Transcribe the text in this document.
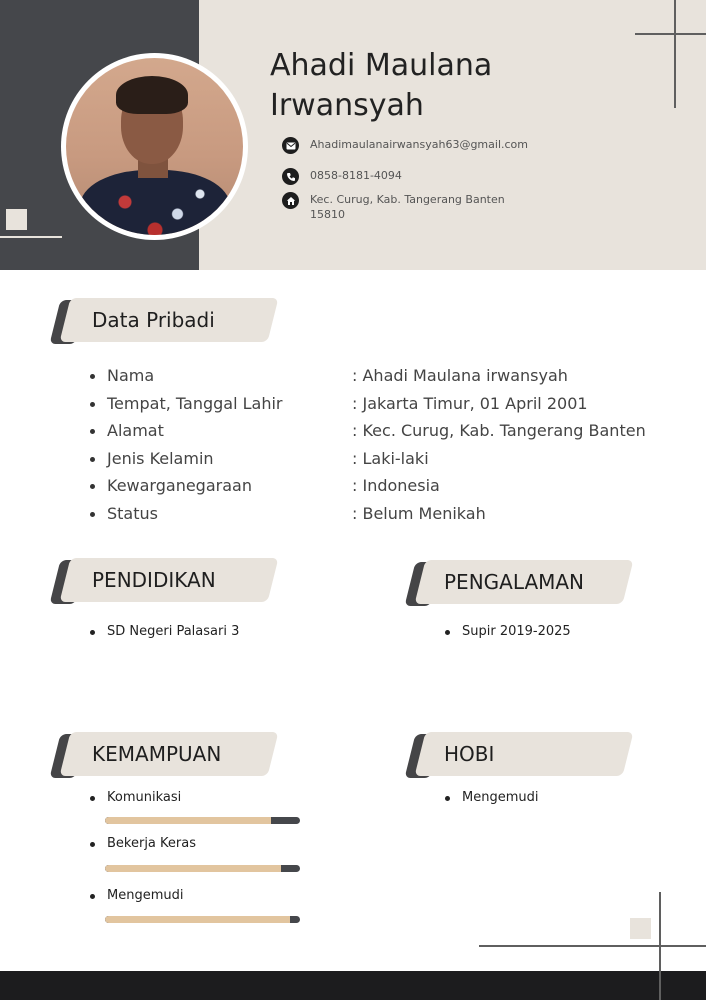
Ahadi Maulana
Irwansyah
Ahadimaulanairwansyah63@gmail.com
0858-8181-4094
Kec. Curug, Kab. Tangerang Banten 15810
Data Pribadi
Nama	: Ahadi Maulana irwansyah
Tempat, Tanggal Lahir	: Jakarta Timur, 01 April 2001
Alamat	: Kec. Curug, Kab. Tangerang Banten
Jenis Kelamin	: Laki-laki
Kewarganegaraan	: Indonesia
Status	: Belum Menikah
PENDIDIKAN
SD Negeri Palasari 3
PENGALAMAN
Supir 2019-2025
KEMAMPUAN
Komunikasi
Bekerja Keras
Mengemudi
HOBI
Mengemudi
